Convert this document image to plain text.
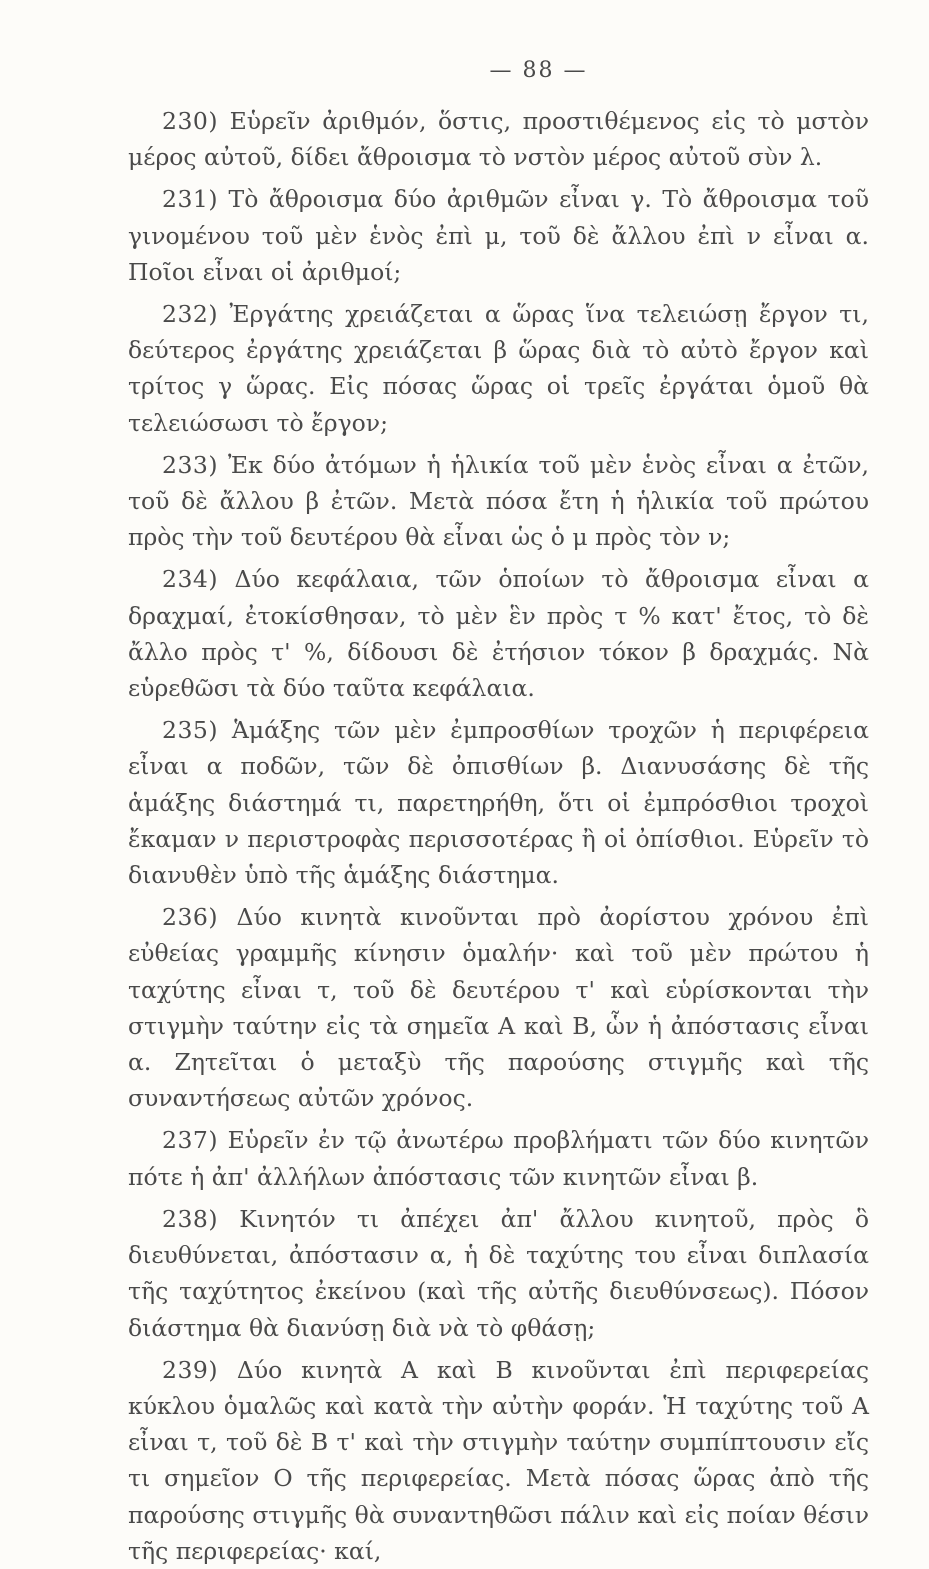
— 88 —

230) Εὑρεῖν ἀριθμόν, ὅστις, προστιθέμενος εἰς τὸ μστὸν μέρος αὐτοῦ, δίδει ἄθροισμα τὸ νστὸν μέρος αὐτοῦ σὺν λ.

231) Τὸ ἄθροισμα δύο ἀριθμῶν εἶναι γ. Τὸ ἄθροισμα τοῦ γινομένου τοῦ μὲν ἑνὸς ἐπὶ μ, τοῦ δὲ ἄλλου ἐπὶ ν εἶναι α. Ποῖοι εἶναι οἱ ἀριθμοί;

232) Ἐργάτης χρειάζεται α ὥρας ἵνα τελειώσῃ ἔργον τι, δεύτερος ἐργάτης χρειάζεται β ὥρας διὰ τὸ αὐτὸ ἔργον καὶ τρίτος γ ὥρας. Εἰς πόσας ὥρας οἱ τρεῖς ἐργάται ὁμοῦ θὰ τελειώσωσι τὸ ἔργον;

233) Ἐκ δύο ἀτόμων ἡ ἡλικία τοῦ μὲν ἑνὸς εἶναι α ἐτῶν, τοῦ δὲ ἄλλου β ἐτῶν. Μετὰ πόσα ἔτη ἡ ἡλικία τοῦ πρώτου πρὸς τὴν τοῦ δευτέρου θὰ εἶναι ὡς ὁ μ πρὸς τὸν ν;

234) Δύο κεφάλαια, τῶν ὁποίων τὸ ἄθροισμα εἶναι α δραχμαί, ἐτοκίσθησαν, τὸ μὲν ἓν πρὸς τ % κατ' ἔτος, τὸ δὲ ἄλλο πρὸς τ' %, δίδουσι δὲ ἐτήσιον τόκον β δραχμάς. Νὰ εὑρεθῶσι τὰ δύο ταῦτα κεφάλαια.

235) Ἁμάξης τῶν μὲν ἐμπροσθίων τροχῶν ἡ περιφέρεια εἶναι α ποδῶν, τῶν δὲ ὀπισθίων β. Διανυσάσης δὲ τῆς ἁμάξης διάστημά τι, παρετηρήθη, ὅτι οἱ ἐμπρόσθιοι τροχοὶ ἔκαμαν ν περιστροφὰς περισσοτέρας ἢ οἱ ὀπίσθιοι. Εὑρεῖν τὸ διανυθὲν ὑπὸ τῆς ἁμάξης διάστημα.

236) Δύο κινητὰ κινοῦνται πρὸ ἀορίστου χρόνου ἐπὶ εὐθείας γραμμῆς κίνησιν ὁμαλήν· καὶ τοῦ μὲν πρώτου ἡ ταχύτης εἶναι τ, τοῦ δὲ δευτέρου τ' καὶ εὑρίσκονται τὴν στιγμὴν ταύτην εἰς τὰ σημεῖα Α καὶ Β, ὧν ἡ ἀπόστασις εἶναι α. Ζητεῖται ὁ μεταξὺ τῆς παρούσης στιγμῆς καὶ τῆς συναντήσεως αὐτῶν χρόνος.

237) Εὑρεῖν ἐν τῷ ἀνωτέρω προβλήματι τῶν δύο κινητῶν πότε ἡ ἀπ' ἀλλήλων ἀπόστασις τῶν κινητῶν εἶναι β.

238) Κινητόν τι ἀπέχει ἀπ' ἄλλου κινητοῦ, πρὸς ὃ διευθύνεται, ἀπόστασιν α, ἡ δὲ ταχύτης του εἶναι διπλασία τῆς ταχύτητος ἐκείνου (καὶ τῆς αὐτῆς διευθύνσεως). Πόσον διάστημα θὰ διανύσῃ διὰ νὰ τὸ φθάσῃ;

239) Δύο κινητὰ Α καὶ Β κινοῦνται ἐπὶ περιφερείας κύκλου ὁμαλῶς καὶ κατὰ τὴν αὐτὴν φοράν. Ἡ ταχύτης τοῦ Α εἶναι τ, τοῦ δὲ Β τ' καὶ τὴν στιγμὴν ταύτην συμπίπτουσιν εἴς τι σημεῖον Ο τῆς περιφερείας. Μετὰ πόσας ὥρας ἀπὸ τῆς παρούσης στιγμῆς θὰ συναντηθῶσι πάλιν καὶ εἰς ποίαν θέσιν τῆς περιφερείας· καί,
